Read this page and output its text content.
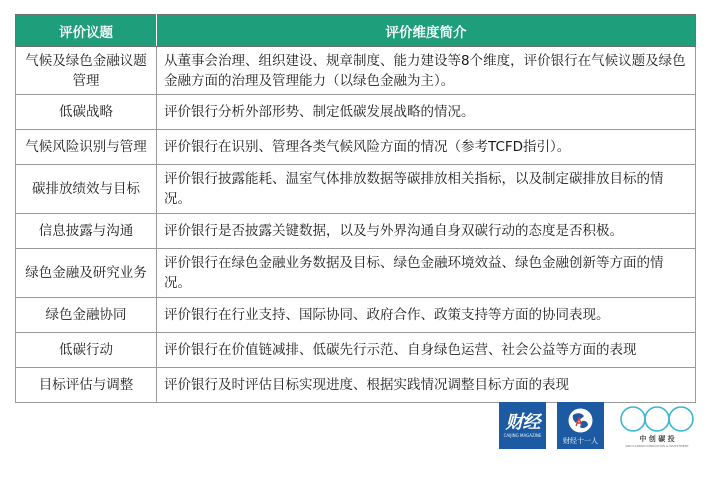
评价议题	评价维度简介
气候及绿色金融议题管理	从董事会治理、组织建设、规章制度、能力建设等8个维度，评价银行在气候议题及绿色金融方面的治理及管理能力（以绿色金融为主）。
低碳战略	评价银行分析外部形势、制定低碳发展战略的情况。
气候风险识别与管理	评价银行在识别、管理各类气候风险方面的情况（参考TCFD指引）。
碳排放绩效与目标	评价银行披露能耗、温室气体排放数据等碳排放相关指标，以及制定碳排放目标的情况。
信息披露与沟通	评价银行是否披露关键数据，以及与外界沟通自身双碳行动的态度是否积极。
绿色金融及研究业务	评价银行在绿色金融业务数据及目标、绿色金融环境效益、绿色金融创新等方面的情况。
绿色金融协同	评价银行在行业支持、国际协同、政府合作、政策支持等方面的协同表现。
低碳行动	评价银行在价值链减排、低碳先行示范、自身绿色运营、社会公益等方面的表现
目标评估与调整	评价银行及时评估目标实现进度、根据实践情况调整目标方面的表现
财经
CAIJING MAGAZINE
财经十一人	中 创 碳 投
SINOCARBON INNOVATION & INVESTMENT
